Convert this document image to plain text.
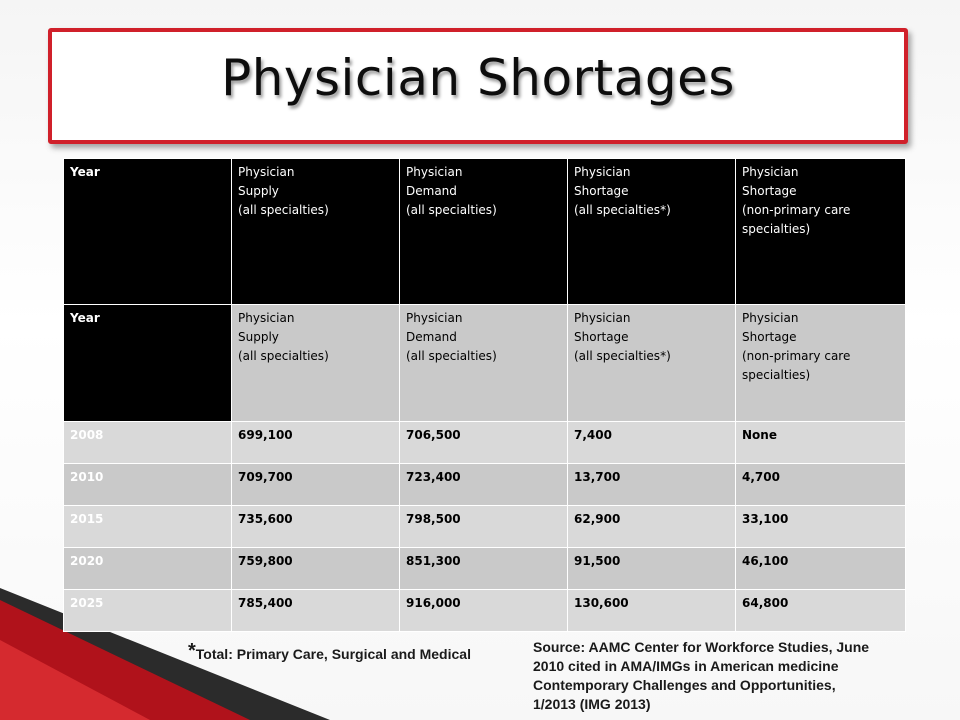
Physician Shortages
Year	Physician
Supply
(all specialties)	Physician
Demand
(all specialties)	Physician
Shortage
(all specialties*)	Physician
Shortage
(non-primary care
specialties)

Year	Physician
Supply
(all specialties)	Physician
Demand
(all specialties)	Physician
Shortage
(all specialties*)	Physician
Shortage
(non-primary care
specialties)

2008	699,100	706,500	7,400	None
2010	709,700	723,400	13,700	4,700
2015	735,600	798,500	62,900	33,100
2020	759,800	851,300	91,500	46,100
2025	785,400	916,000	130,600	64,800
*Total: Primary Care, Surgical and Medical	Source: AAMC Center for Workforce Studies, June
2010 cited in AMA/IMGs in American medicine
Contemporary Challenges and Opportunities,
1/2013 (IMG 2013)
